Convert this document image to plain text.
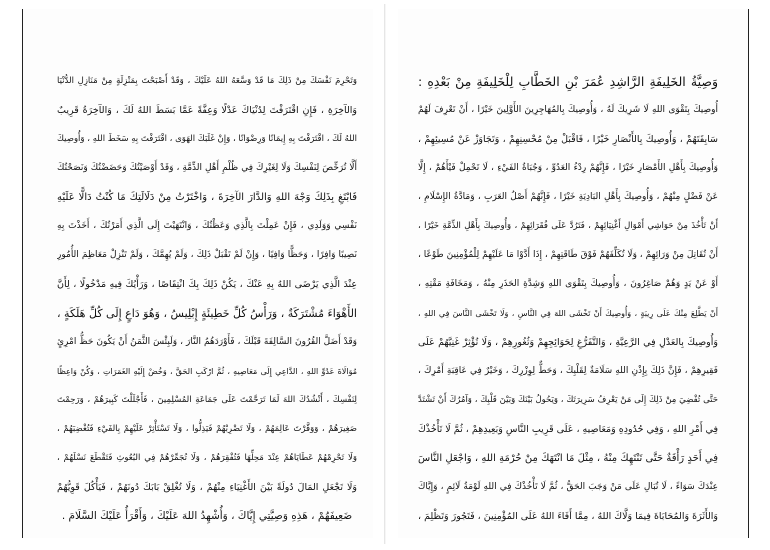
وَتَحْرِمَ نَفْسَكَ مِنْ ذَلِكَ مَا قَدْ وَسَّعَهُ اللهُ عَلَيْكَ ، وَقَدْ أَصْبَحْتَ بِمَنْزِلَةٍ مِنْ مَنَازِلِ الدُّنْيَا
وَالآخِرَةِ ، فَإِنِ اقْتَرَفْتَ لِدُنْيَاكَ عَدْلًا وَعِفَّةً عَمَّا بَسَطَ اللهُ لَكَ ، وَالآخِرَةُ قَرِيبٌ
اللهُ لَكَ ، اقْتَرَفْتَ بِهِ إِيمَانًا وَرِضْوَانًا ، وَإِنْ غَلَبَكَ الهَوَى ، اقْتَرَفْتَ بِهِ سَخَطَ اللهِ ، وَأُوصِيكَ
أَلَّا تُرَخِّصَ لِنَفْسِكَ وَلَا لِغَيْرِكَ فِي ظُلْمِ أَهْلِ الذِّمَّةِ ، وَقَدْ أَوْصَيْتُكَ وَحَضَضْتُكَ وَنَصَحْتُكَ
فَابْتَغِ بِذَلِكَ وَجْهَ اللهِ وَالدَّارَ الآخِرَةَ ، وَاخْتَرْتُ مِنْ دَلَالَتِكَ مَا كُنْتُ دَالًّا عَلَيْهِ
نَفْسِي وَوَلَدِي ، فَإِنْ عَمِلْتَ بِالَّذِي وَعَظْتُكَ ، وَانْتَهَيْتَ إِلَى الَّذِي أَمَرْتُكَ ، أَخَذْتَ بِهِ
نَصِيبًا وَافِرًا ، وَحَظًّا وَافِيًا ، وَإِنْ لَمْ تَقْبَلْ ذَلِكَ ، وَلَمْ يُهِمَّكَ ، وَلَمْ تَنْزِلْ مَعَاظِمَ الأُمُورِ
عِنْدَ الَّذِي يَرْضَى اللهُ بِهِ عَنْكَ ، يَكُنْ ذَلِكَ بِكَ انْتِقَاصًا ، وَرَأْيُكَ فِيهِ مَدْخُولًا ، لِأَنَّ
الأَهْوَاءَ مُشْتَرَكَةٌ ، وَرَأْسُ كُلِّ خَطِيئَةٍ إِبْلِيسُ ، وَهُوَ دَاعٍ إِلَى كُلِّ هَلَكَةٍ ،
وَقَدْ أَضَلَّ القُرُونَ السَّالِفَةَ قَبْلَكَ ، فَأَوْرَدَهُمُ النَّارَ ، وَلَبِئْسَ الثَّمَنُ أَنْ يَكُونَ حَظُّ امْرِئٍ
مُوَالَاةَ عَدُوِّ اللهِ ، الدَّاعِي إِلَى مَعَاصِيهِ ، ثُمَّ ارْكَبِ الحَقَّ ، وَخُضْ إِلَيْهِ الغَمَرَاتِ ، وَكُنْ وَاعِظًا
لِنَفْسِكَ ، أَنْشُدُكَ اللهَ لَمَا تَرَحَّمْتَ عَلَى جَمَاعَةِ المُسْلِمِينَ ، فَأَجْلَلْتَ كَبِيرَهُمْ ، وَرَحِمْتَ
صَغِيرَهُمْ ، وَوَقَّرْتَ عَالِمَهُمْ ، وَلَا تَضْرِبْهُمْ فَيَذِلُّوا ، وَلَا تَسْتَأْثِرْ عَلَيْهِمْ بِالفَيْءِ فَتُغْضِبَهُمْ ،
وَلَا تَحْرِمْهُمْ عَطَايَاهُمْ عِنْدَ مَحِلِّهَا فَتُفْقِرَهُمْ ، وَلَا تُجَمِّرْهُمْ فِي البُعُوثِ فَتَقْطَعَ نَسْلَهُمْ ،
وَلَا تَجْعَلِ المَالَ دُولَةً بَيْنَ الأَغْنِيَاءِ مِنْهُمْ ، وَلَا تُغْلِقْ بَابَكَ دُونَهُمْ ، فَيَأْكُلَ قَوِيُّهُمْ
ضَعِيفَهُمْ ، هَذِهِ وَصِيَّتِي إِيَّاكَ ، وَأُشْهِدُ اللهَ عَلَيْكَ ، وَأَقْرَأُ عَلَيْكَ السَّلَامَ .
وَصِيَّةُ الخَلِيفَةِ الرَّاشِدِ عُمَرَ بْنِ الخَطَّابِ لِلْخَلِيفَةِ مِنْ بَعْدِهِ :
أُوصِيكَ بِتَقْوَى اللهِ لَا شَرِيكَ لَهُ ، وَأُوصِيكَ بِالمُهَاجِرِينَ الأَوَّلِينَ خَيْرًا ، أَنْ تَعْرِفَ لَهُمْ
سَابِقَتَهُمْ ، وَأُوصِيكَ بِالأَنْصَارِ خَيْرًا ، فَاقْبَلْ مِنْ مُحْسِنِهِمْ ، وَتَجَاوَزْ عَنْ مُسِيئِهِمْ ،
وَأُوصِيكَ بِأَهْلِ الأَمْصَارِ خَيْرًا ، فَإِنَّهُمْ رِدْءُ العَدُوِّ ، وَجُبَاةُ الفَيْءِ ، لَا تَحْمِلْ فَيْأَهُمْ ، إِلَّا
عَنْ فَضْلٍ مِنْهُمْ ، وَأُوصِيكَ بِأَهْلِ البَادِيَةِ خَيْرًا ، فَإِنَّهُمْ أَصْلُ العَرَبِ ، وَمَادَّةُ الإِسْلَامِ ،
أَنْ تَأْخُذَ مِنْ حَوَاشِي أَمْوَالِ أَغْنِيَائِهِمْ ، فَتَرُدَّ عَلَى فُقَرَائِهِمْ ، وَأُوصِيكَ بِأَهْلِ الذِّمَّةِ خَيْرًا ،
أَنْ تُقَاتِلَ مِنْ وَرَائِهِمْ ، وَلَا تُكَلِّفَهُمْ فَوْقَ طَاقَتِهِمْ ، إِذَا أَدَّوْا مَا عَلَيْهِمْ لِلْمُؤْمِنِينَ طَوْعًا ،
أَوْ عَنْ يَدٍ وَهُمْ صَاغِرُونَ ، وَأُوصِيكَ بِتَقْوَى اللهِ وَشِدَّةِ الحَذَرِ مِنْهُ ، وَمَخَافَةِ مَقْتِهِ ،
أَنْ يَطَّلِعَ مِنْكَ عَلَى رِيبَةٍ ، وَأُوصِيكَ أَنْ تَخْشَى اللهَ فِي النَّاسِ ، وَلَا تَخْشَى النَّاسَ فِي اللهِ ،
وَأُوصِيكَ بِالعَدْلِ فِي الرَّعِيَّةِ ، وَالتَّفَرُّغِ لِحَوَائِجِهِمْ وَثُغُورِهِمْ ، وَلَا تُؤْثِرْ غَنِيَّهُمْ عَلَى
فَقِيرِهِمْ ، فَإِنَّ ذَلِكَ بِإِذْنِ اللهِ سَلَامَةٌ لِقَلْبِكَ ، وَحَطٌّ لِوِزْرِكَ ، وَخَيْرٌ فِي عَاقِبَةِ أَمْرِكَ ،
حَتَّى تُفْضِيَ مِنْ ذَلِكَ إِلَى مَنْ يَعْرِفُ سَرِيرَتَكَ ، وَيَحُولُ بَيْنَكَ وَبَيْنَ قَلْبِكَ ، وَآمُرُكَ أَنْ تَشْتَدَّ
فِي أَمْرِ اللهِ ، وَفِي حُدُودِهِ وَمَعَاصِيهِ ، عَلَى قَرِيبِ النَّاسِ وَبَعِيدِهِمْ ، ثُمَّ لَا تَأْخُذْكَ
فِي أَحَدٍ رَأْفَةٌ حَتَّى تَنْتَهِكَ مِنْهُ ، مِثْلَ مَا انْتَهَكَ مِنْ حُرْمَةِ اللهِ ، وَاجْعَلِ النَّاسَ
عِنْدَكَ سَوَاءً ، لَا تُبَالِ عَلَى مَنْ وَجَبَ الحَقُّ ، ثُمَّ لَا تَأْخُذْكَ فِي اللهِ لَوْمَةُ لَائِمٍ ، وَإِيَّاكَ
وَالأَثَرَةَ وَالمُحَابَاةَ فِيمَا وَلَّاكَ اللهُ ، مِمَّا أَفَاءَ اللهُ عَلَى المُؤْمِنِينَ ، فَتَجُورَ وَتَظْلِمَ ،
